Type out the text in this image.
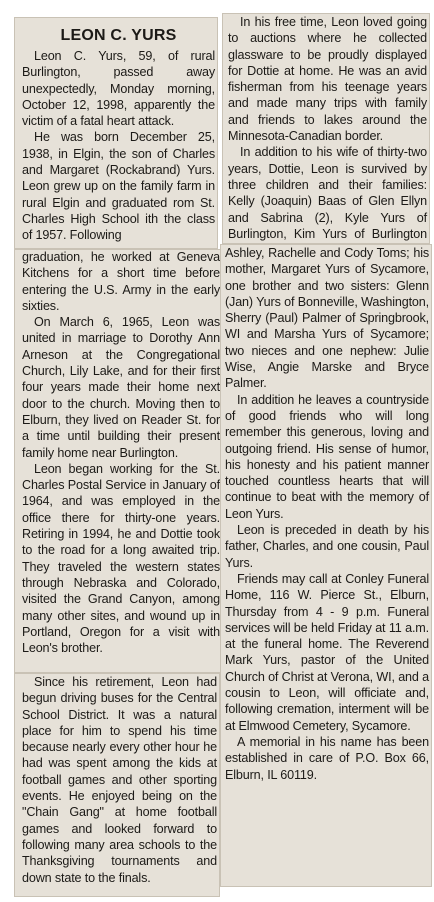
LEON C. YURS

Leon C. Yurs, 59, of rural Burlington, passed away unexpectedly, Monday morning, October 12, 1998, apparently the victim of a fatal heart attack.

He was born December 25, 1938, in Elgin, the son of Charles and Margaret (Rockabrand) Yurs. Leon grew up on the family farm in rural Elgin and graduated rom St. Charles High School ith the class of 1957. Following

graduation, he worked at Geneva Kitchens for a short time before entering the U.S. Army in the early sixties.

On March 6, 1965, Leon was united in marriage to Dorothy Ann Arneson at the Congregational Church, Lily Lake, and for their first four years made their home next door to the church. Moving then to Elburn, they lived on Reader St. for a time until building their present family home near Burlington.

Leon began working for the St. Charles Postal Service in January of 1964, and was employed in the office there for thirty-one years. Retiring in 1994, he and Dottie took to the road for a long awaited trip. They traveled the western states through Nebraska and Colorado, visited the Grand Canyon, among many other sites, and wound up in Portland, Oregon for a visit with Leon's brother.

Since his retirement, Leon had begun driving buses for the Central School District. It was a natural place for him to spend his time because nearly every other hour he had was spent among the kids at football games and other sporting events. He enjoyed being on the "Chain Gang" at home football games and looked forward to following many area schools to the Thanksgiving tournaments and down state to the finals.

In his free time, Leon loved going to auctions where he collected glassware to be proudly displayed for Dottie at home. He was an avid fisherman from his teenage years and made many trips with family and friends to lakes around the Minnesota-Canadian border.

In addition to his wife of thirty-two years, Dottie, Leon is survived by three children and their families: Kelly (Joaquin) Baas of Glen Ellyn and Sabrina (2), Kyle Yurs of Burlington, Kim Yurs of Burlington

Ashley, Rachelle and Cody Toms; his mother, Margaret Yurs of Sycamore, one brother and two sisters: Glenn (Jan) Yurs of Bonneville, Washington, Sherry (Paul) Palmer of Springbrook, WI and Marsha Yurs of Sycamore; two nieces and one nephew: Julie Wise, Angie Marske and Bryce Palmer.

In addition he leaves a countryside of good friends who will long remember this generous, loving and outgoing friend. His sense of humor, his honesty and his patient manner touched countless hearts that will continue to beat with the memory of Leon Yurs.

Leon is preceded in death by his father, Charles, and one cousin, Paul Yurs.

Friends may call at Conley Funeral Home, 116 W. Pierce St., Elburn, Thursday from 4 - 9 p.m. Funeral services will be held Friday at 11 a.m. at the funeral home. The Reverend Mark Yurs, pastor of the United Church of Christ at Verona, WI, and a cousin to Leon, will officiate and, following cremation, interment will be at Elmwood Cemetery, Sycamore.

A memorial in his name has been established in care of P.O. Box 66, Elburn, IL 60119.
